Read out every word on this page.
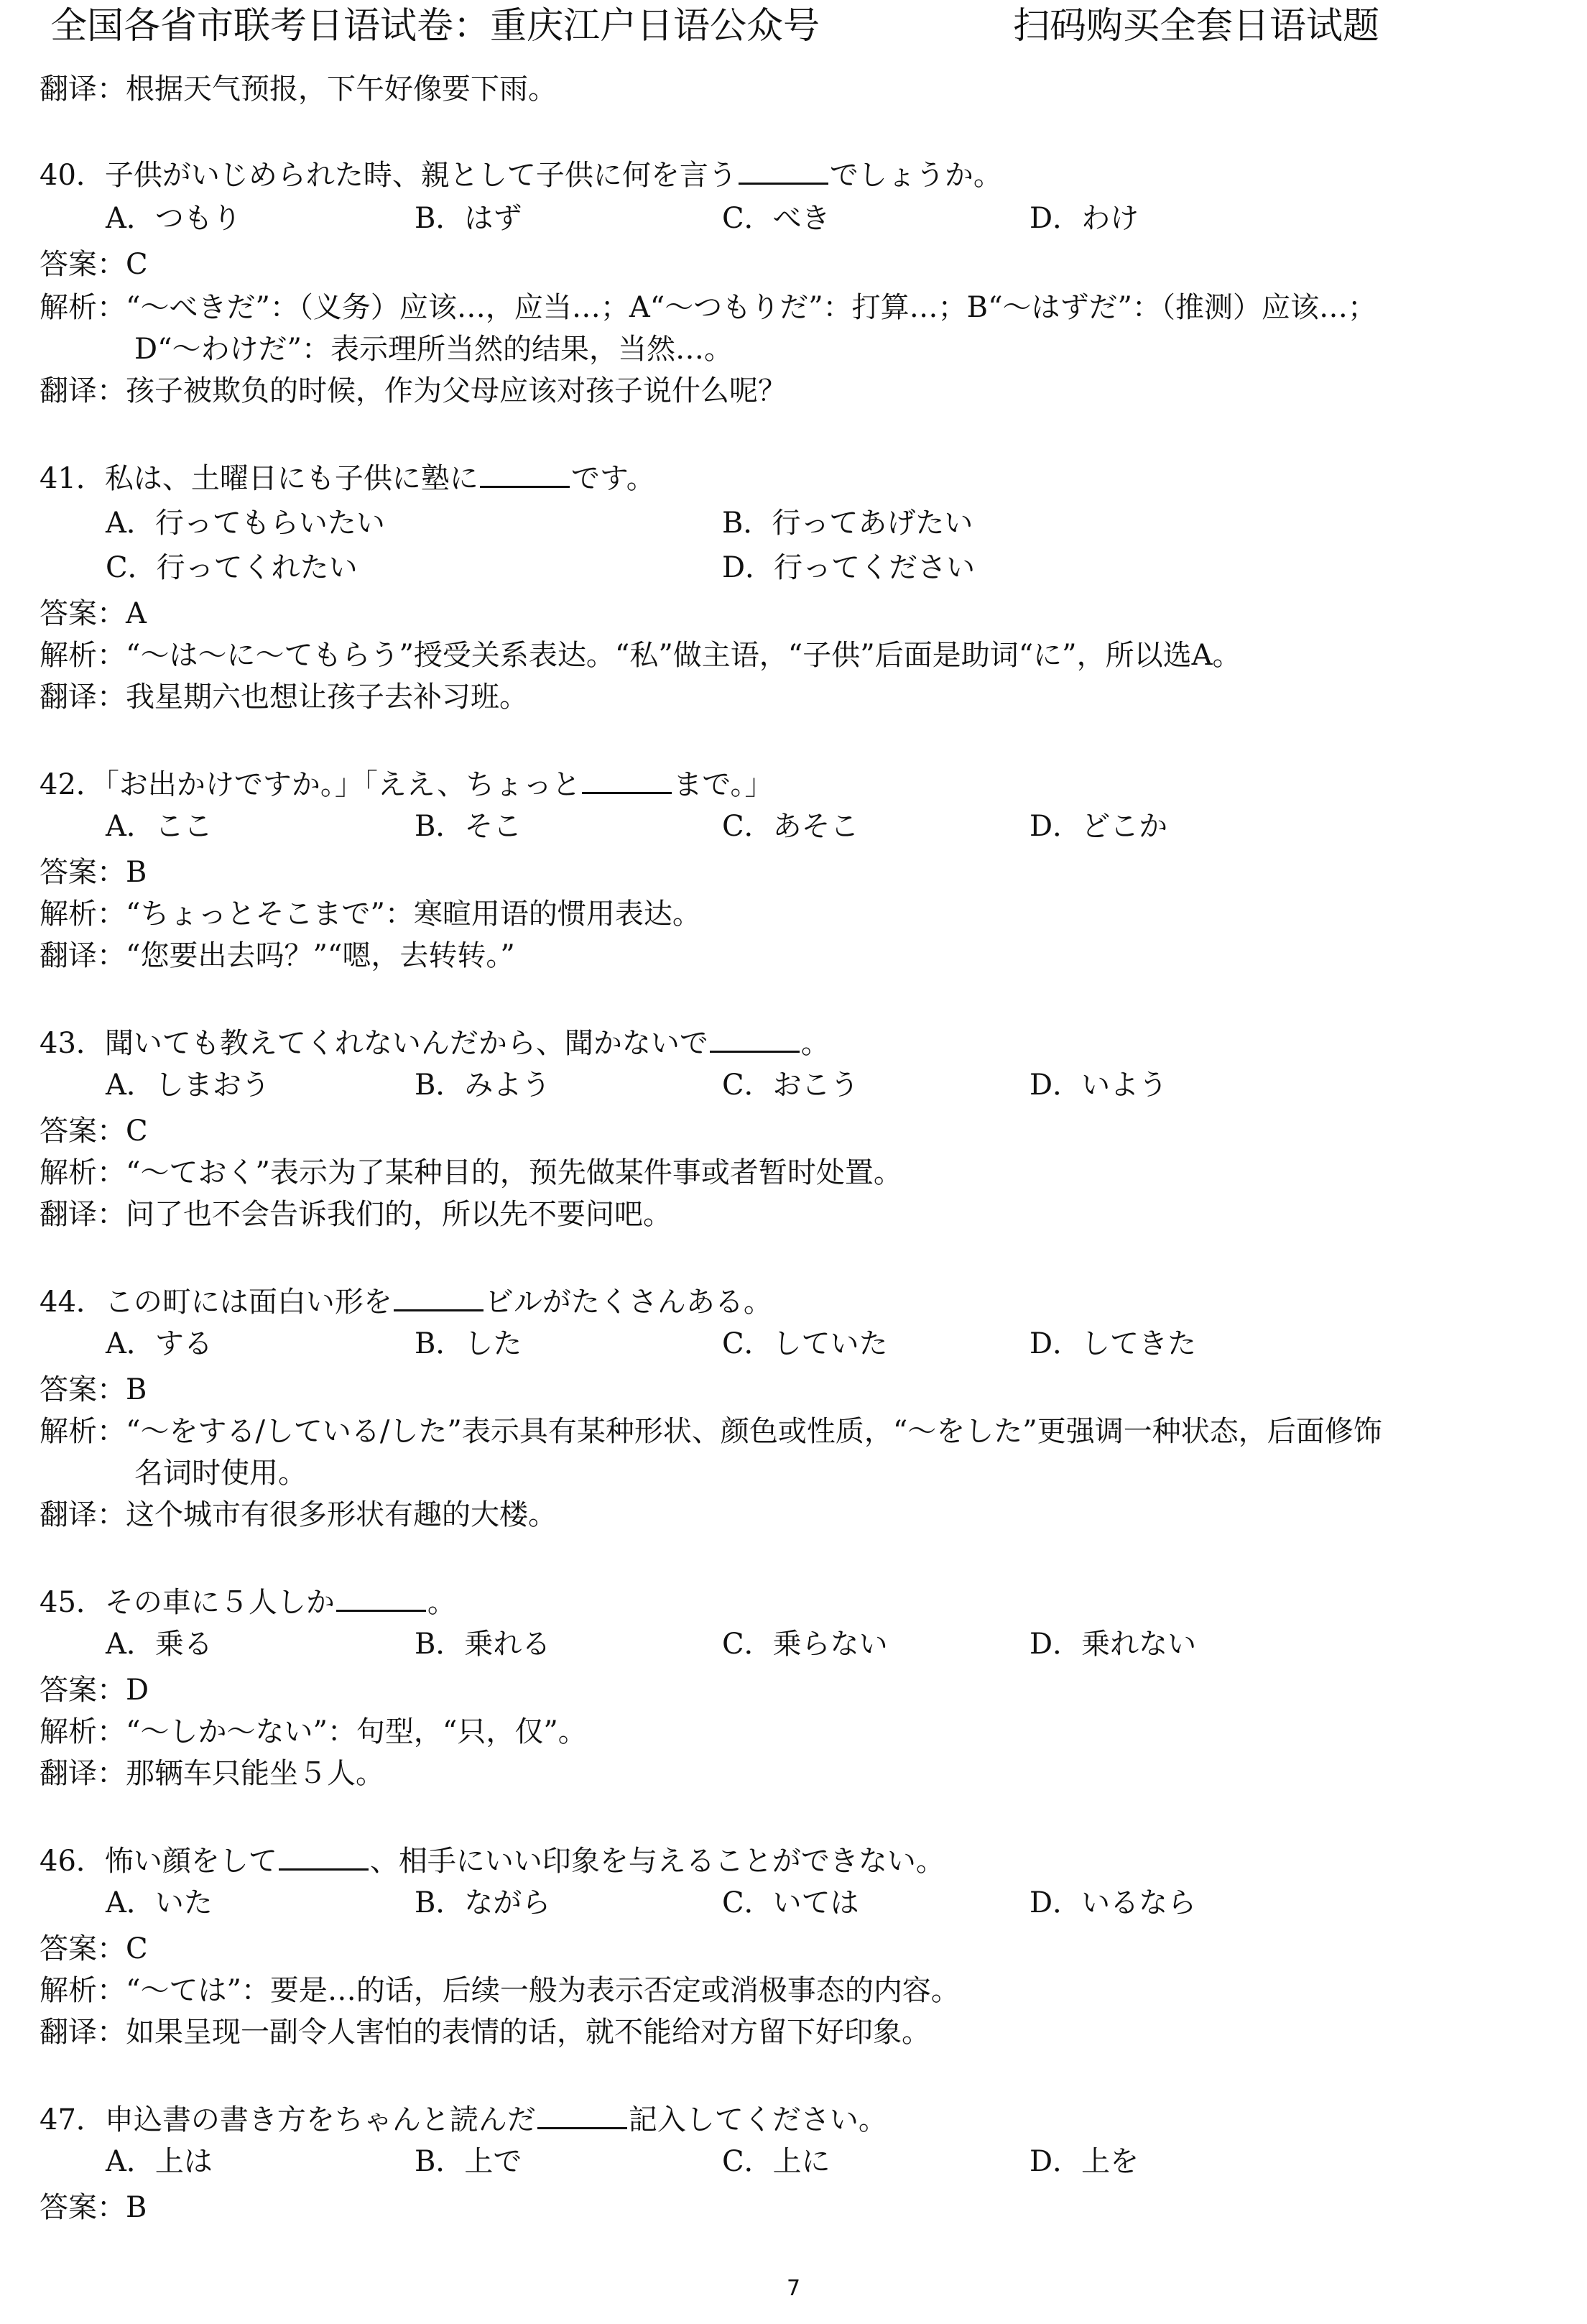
全国各省市联考日语试卷：重庆江户日语公众号	扫码购买全套日语试题
翻译：根据天气预报，下午好像要下雨。
40．子供がいじめられた時、親として子供に何を言う	でしょうか。
A．つもり	B．はず	C．べき	D．わけ
答案：C
解析：“～べきだ”：（义务）应该…，应当…；A“～つもりだ”：打算…；B“～はずだ”：（推测）应该…；
D“～わけだ”：表示理所当然的结果，当然…。
翻译：孩子被欺负的时候，作为父母应该对孩子说什么呢？
41．私は、土曜日にも子供に塾に	です。
A．行ってもらいたい	B．行ってあげたい
C．行ってくれたい	D．行ってください
答案：A
解析：“～は～に～てもらう”授受关系表达。“私”做主语，“子供”后面是助词“に”，所以选A。
翻译：我星期六也想让孩子去补习班。
42．「お出かけですか。」「ええ、ちょっと	まで。」
A．ここ	B．そこ	C．あそこ	D．どこか
答案：B
解析：“ちょっとそこまで”：寒暄用语的惯用表达。
翻译：“您要出去吗？”“嗯，去转转。”
43．聞いても教えてくれないんだから、聞かないで	。
A．しまおう	B．みよう	C．おこう	D．いよう
答案：C
解析：“～ておく”表示为了某种目的，预先做某件事或者暂时处置。
翻译：问了也不会告诉我们的，所以先不要问吧。
44．この町には面白い形を	ビルがたくさんある。
A．する	B．した	C．していた	D．してきた
答案：B
解析：“～をする/している/した”表示具有某种形状、颜色或性质，“～をした”更强调一种状态，后面修饰
名词时使用。
翻译：这个城市有很多形状有趣的大楼。
45．その車に５人しか	。
A．乗る	B．乗れる	C．乗らない	D．乗れない
答案：D
解析：“～しか～ない”：句型，“只，仅”。
翻译：那辆车只能坐５人。
46．怖い顔をして	、相手にいい印象を与えることができない。
A．いた	B．ながら	C．いては	D．いるなら
答案：C
解析：“～ては”：要是…的话，后续一般为表示否定或消极事态的内容。
翻译：如果呈现一副令人害怕的表情的话，就不能给对方留下好印象。
47．申込書の書き方をちゃんと読んだ	記入してください。
A．上は	B．上で	C．上に	D．上を
答案：B
7
